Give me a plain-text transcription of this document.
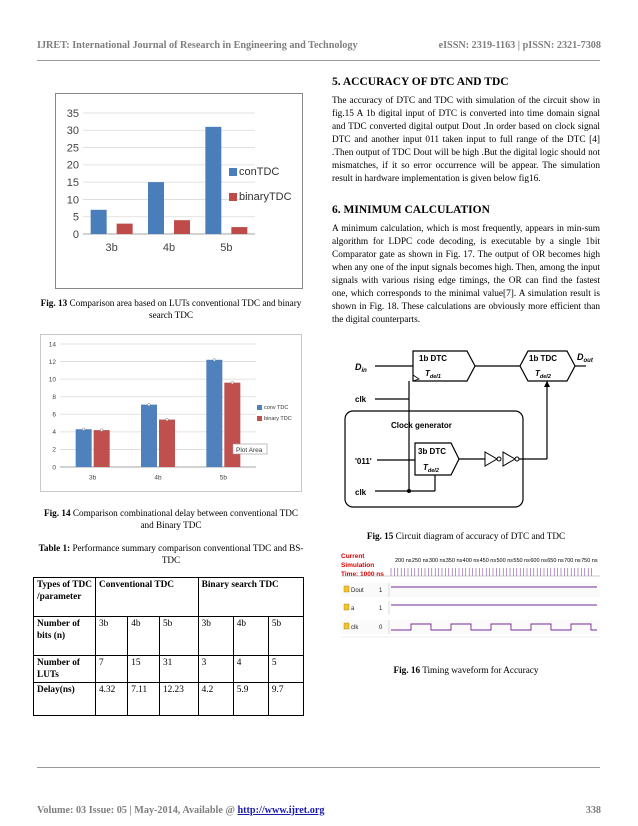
IJRET: International Journal of Research in Engineering and Technology	eISSN: 2319-1163 | pISSN: 2321-7308
0
5
10
15
20
25
30
35
3b	4b	5b
conTDC
binaryTDC
Fig. 13 Comparison area based on LUTs conventional TDC and binary search TDC
0
2
4
6
8
10
12
14
3b	4b	5b
conv TDC
binary TDC
Plot Area
Fig. 14 Comparison combinational delay between conventional TDC and Binary TDC
Table 1: Performance summary comparison conventional TDC and BS-TDC
Types of TDC /parameter	Conventional TDC			Binary search TDC		
Number of bits (n)	3b	4b	5b	3b	4b	5b
Number of LUTs	7	15	31	3	4	5
Delay(ns)	4.32	7.11	12.23	4.2	5.9	9.7

5. ACCURACY OF DTC AND TDC

The accuracy of DTC and TDC with simulation of the circuit show in fig.15 A 1b digital input of DTC is converted into time domain signal and TDC converted digital output Dout .In order based on clock signal DTC and another input 011 taken input to full range of the DTC [4] .Then output of TDC Dout will be high .But the digital logic should not mismatches, if it so error occurrence will be appear. The simulation result in hardware implementation is given below fig16.

6. MINIMUM CALCULATION

A minimum calculation, which is most frequently, appears in min-sum algorithm for LDPC code decoding, is executable by a single 1bit Comparator gate as shown in Fig. 17. The output of OR becomes high when any one of the input signals becomes high. Then, among the input signals with various rising edge timings, the OR can find the fastest one, which corresponds to the minimal value[7]. A simulation result is shown in Fig. 18. These calculations are obviously more efficient than the digital counterparts.

$D_{in}$
1b DTC
$T_{del1}$
1b TDC
$T_{del2}$
$D_{out}$
clk
Clock generator
3b DTC
$T_{del2}$
'011'
clk
Fig. 15 Circuit diagram of accuracy of DTC and TDC
Current Simulation
Time: 1000 ns
200 ns 250 ns 300 ns 350 ns 400 ns 450 ns 500 ns 550 ns 600 ns 650 ns 700 ns 750 ns
Dout	1
a	1
clk	0
Fig. 16 Timing waveform for Accuracy
Volume: 03 Issue: 05 | May-2014, Available @ http://www.ijret.org	338
